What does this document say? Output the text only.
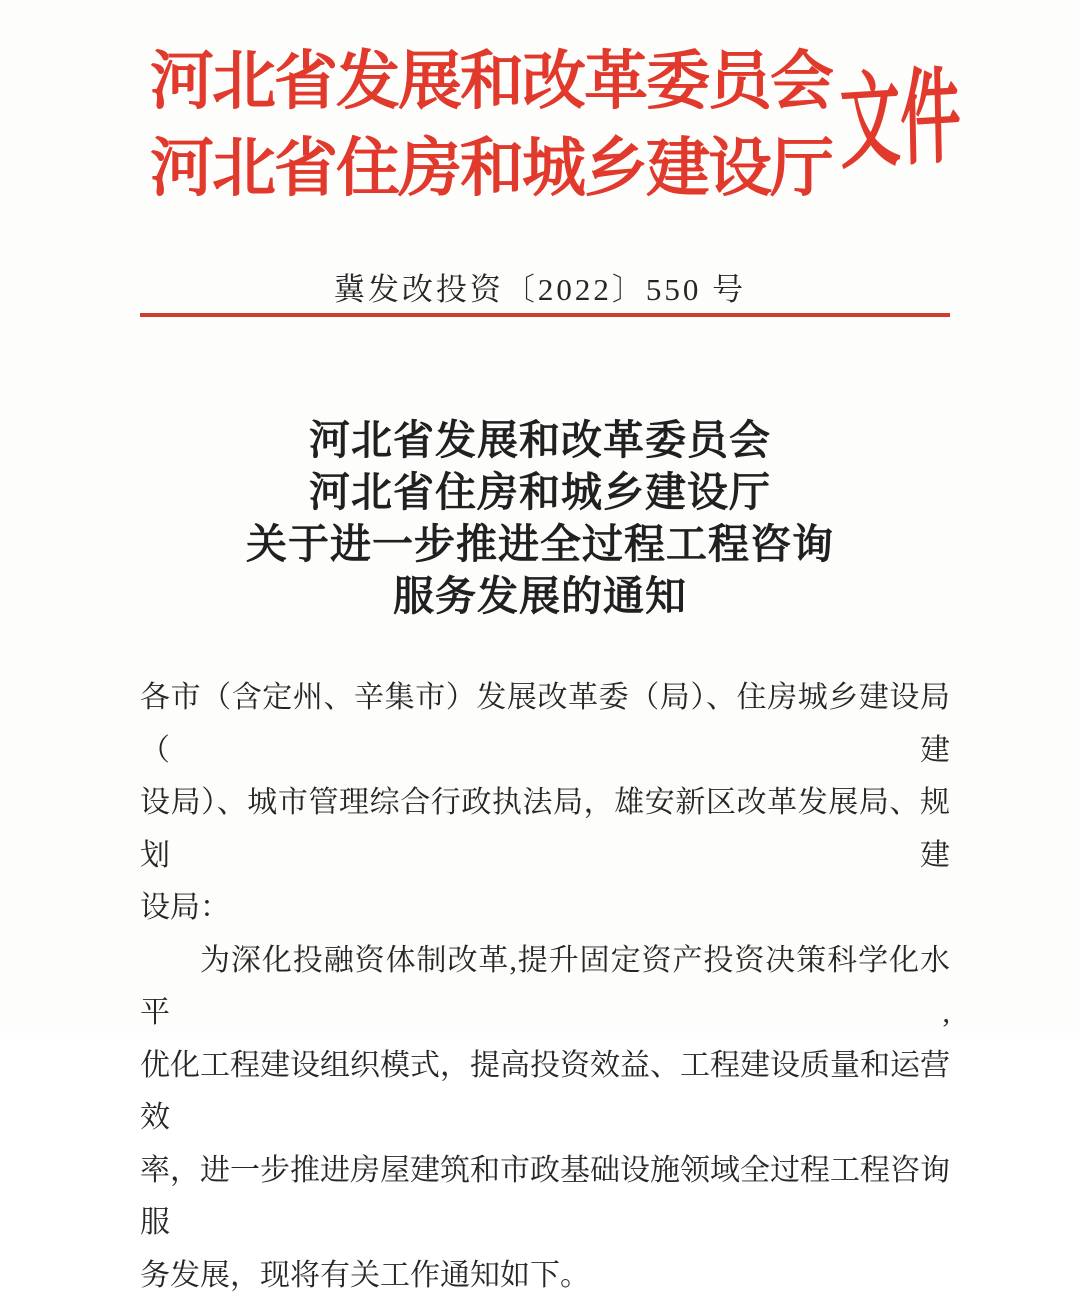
河北省发展和改革委员会
河北省住房和城乡建设厅 文件
冀发改投资〔2022〕550 号
河北省发展和改革委员会
河北省住房和城乡建设厅
关于进一步推进全过程工程咨询
服务发展的通知
各市（含定州、辛集市）发展改革委（局）、住房城乡建设局（建
设局）、城市管理综合行政执法局，雄安新区改革发展局、规划建
设局：
为深化投融资体制改革,提升固定资产投资决策科学化水平,
优化工程建设组织模式，提高投资效益、工程建设质量和运营效
率，进一步推进房屋建筑和市政基础设施领域全过程工程咨询服
务发展，现将有关工作通知如下。
